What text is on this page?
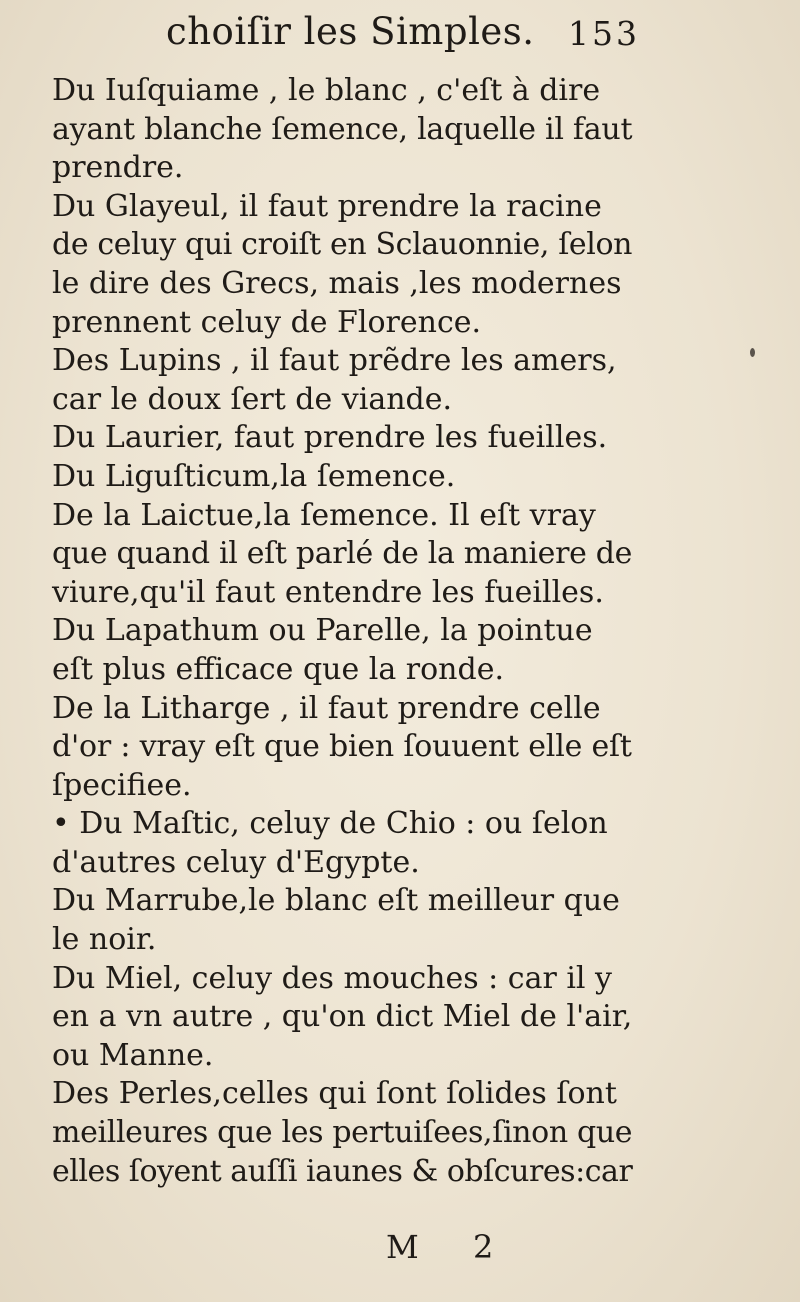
choiſir les Simples. 153
Du Iuſquiame , le blanc , c'eſt à dire
ayant blanche ſemence, laquelle il faut
prendre.
Du Glayeul, il faut prendre la racine
de celuy qui croiſt en Sclauonnie, ſelon
le dire des Grecs, mais ,les modernes
prennent celuy de Florence.
Des Lupins , il faut prẽdre les amers,
car le doux ſert de viande.
Du Laurier, faut prendre les fueilles.
Du Liguſticum,la ſemence.
De la Laictue,la ſemence. Il eſt vray
que quand il eſt parlé de la maniere de
viure,qu'il faut entendre les fueilles.
Du Lapathum ou Parelle, la pointue
eſt plus efficace que la ronde.
De la Litharge , il faut prendre celle
d'or : vray eſt que bien ſouuent elle eſt
ſpecifiee.
• Du Maſtic, celuy de Chio : ou ſelon
d'autres celuy d'Egypte.
Du Marrube,le blanc eſt meilleur que
le noir.
Du Miel, celuy des mouches : car il y
en a vn autre , qu'on dict Miel de l'air,
ou Manne.
Des Perles,celles qui ſont ſolides ſont
meilleures que les pertuiſees,ſinon que
elles ſoyent auſſi iaunes & obſcures:car
M 2
